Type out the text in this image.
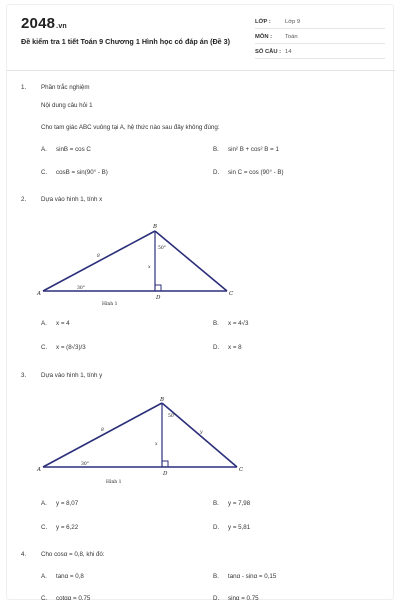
2048.vn
Đề kiểm tra 1 tiết Toán 9 Chương 1 Hình học có đáp án (Đề 3)
LỚP : Lớp 9
MÔN : Toán
SỐ CÂU : 14
1. Phần trắc nghiệm
Nội dung câu hỏi 1
Cho tam giác ABC vuông tại A, hệ thức nào sau đây không đúng:
A. sinB = cos C	B. sin² B + cos² B = 1
C. cosB = sin(90° - B)	D. sin C = cos (90° - B)
2. Dựa vào hình 1, tính x
B
A	C
D
8
x
30°
50°
Hình 1
A. x = 4	B. x = 4√3
C. x = (8√3)/3	D. x = 8
3. Dựa vào hình 1, tính y
B
A	C
D
8
x
y
30°
50°
Hình 1
A. y = 8,07	B. y = 7,98
C. y = 6,22	D. y = 5,81
4. Cho cosα = 0,8, khi đó:
A. tanα = 0,8	B. tanα - sinα = 0,15
C. cotgα = 0,75	D. sinα = 0,75
